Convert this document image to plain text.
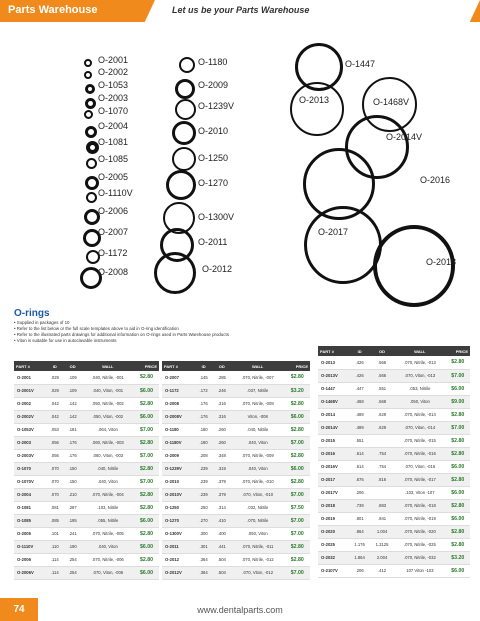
Parts Warehouse	Let us be your Parts Warehouse
O-2001
O-2002
O-1053
O-2003
O-1070
O-2004
O-1081
O-1085
O-2005
O-1110V
O-2006
O-2007
O-1172
O-2008
O-1180
O-2009
O-1239V
O-2010
O-1250
O-1270
O-1300V
O-2011
O-2012
O-1447
O-2013	O-1468V
O-2014V
O-2016
O-2017
O-2018
O-rings
• Supplied in packages of 10
• Refer to the list below or the full scale templates above to aid in O-ring identification
• Refer to the illustrated parts drawings for additional information on O-rings used in Parts Warehouse products
• Viton is suitable for use in autoclavable instruments
PART #	ID	OD	WALL	PRICE
O-2001	.029	.109	.040, Nitrile, -001	$2.80
O-2001V	.029	.109	.040, Viton, -001	$6.00
O-2002	.042	.142	.050, Nitrile, -002	$2.80
O-2002V	.042	.142	.050, Viton, -002	$6.00
O-1053V	.053	.181	.064, Viton	$7.00
O-2003	.056	.176	.060, Nitrile, -003	$2.80
O-2003V	.056	.176	.060, Viton, -003	$7.00
O-1070	.070	.150	.040, Nitrile	$2.80
O-1070V	.070	.150	.040, Viton	$7.00
O-2004	.070	.210	.070, Nitrile, -004	$2.80
O-1081	.081	.287	.103, Nitrile	$2.80
O-1085	.085	.195	.055, Nitrile	$6.00
O-2005	.101	.241	.070, Nitrile, -005	$2.80
O-1110V	.110	.190	.040, Viton	$6.00
O-2006	.114	.254	.070, Nitrile, -006	$2.80
O-2006V	.114	.254	.070, Viton, -006	$6.00
PART #	ID	OD	WALL	PRICE
O-2007	.145	.285	.070, Nitrile, -007	$2.80
O-1172	.172	.246	.037, Nitrile	$3.20
O-2008	.176	.316	.070, Nitrile, -008	$2.80
O-2008V	.176	.316	Viton, -008	$6.00
O-1180	.180	.260	.040, Nitrile	$2.80
O-1180V	.180	.260	.040, Viton	$7.00
O-2009	.208	.348	.070, Nitrile, -009	$2.80
O-1239V	.239	.319	.040, Viton	$6.00
O-2010	.239	.379	.070, Nitrile, -010	$2.80
O-2010V	.239	.379	.070, Viton, -010	$7.00
O-1250	.250	.314	.032, Nitrile	$7.50
O-1270	.270	.410	.070, Nitrile	$7.00
O-1300V	.300	.400	.050, Viton	$7.00
O-2011	.301	.441	.070, Nitrile, -011	$2.80
O-2012	.364	.504	.070, Nitrile, -012	$2.80
O-2012V	.364	.504	.070, Viton, -012	$7.00
PART #	ID	OD	WALL	PRICE
O-2013	.426	.566	.070, Nitrile, -013	$2.80
O-2013V	.426	.566	.070, Viton, -013	$7.00
O-1447	.447	.551	.053, Nitrile	$6.00
O-1468V	.468	.568	.050, Viton	$9.00
O-2014	.489	.629	.070, Nitrile, -014	$2.80
O-2014V	.489	.629	.070, Viton, -014	$7.00
O-2015	.551		.070, Nitrile, -015	$2.80
O-2016	.614	.754	.070, Nitrile, -016	$2.80
O-2016V	.614	.754	.070, Viton, -016	$6.00
O-2017	.676	.816	.070, Nitrile, -017	$2.80
O-2017V	.206		.103, Viton -107	$6.00
O-2018	.739	.883	.070, Nitrile, -018	$2.80
O-2019	.801	.941	.070, Nitrile, -019	$6.00
O-2020	.864	1.004	.070, Nitrile, -020	$2.80
O-2025	1.176	1.3125	.070, Nitrile, -025	$2.80
O-2032	1.864	2.004	.070, Nitrile, -032	$3.20
O-2107V	.206	.412	107 Viton -103	$6.00
74	www.dentalparts.com
